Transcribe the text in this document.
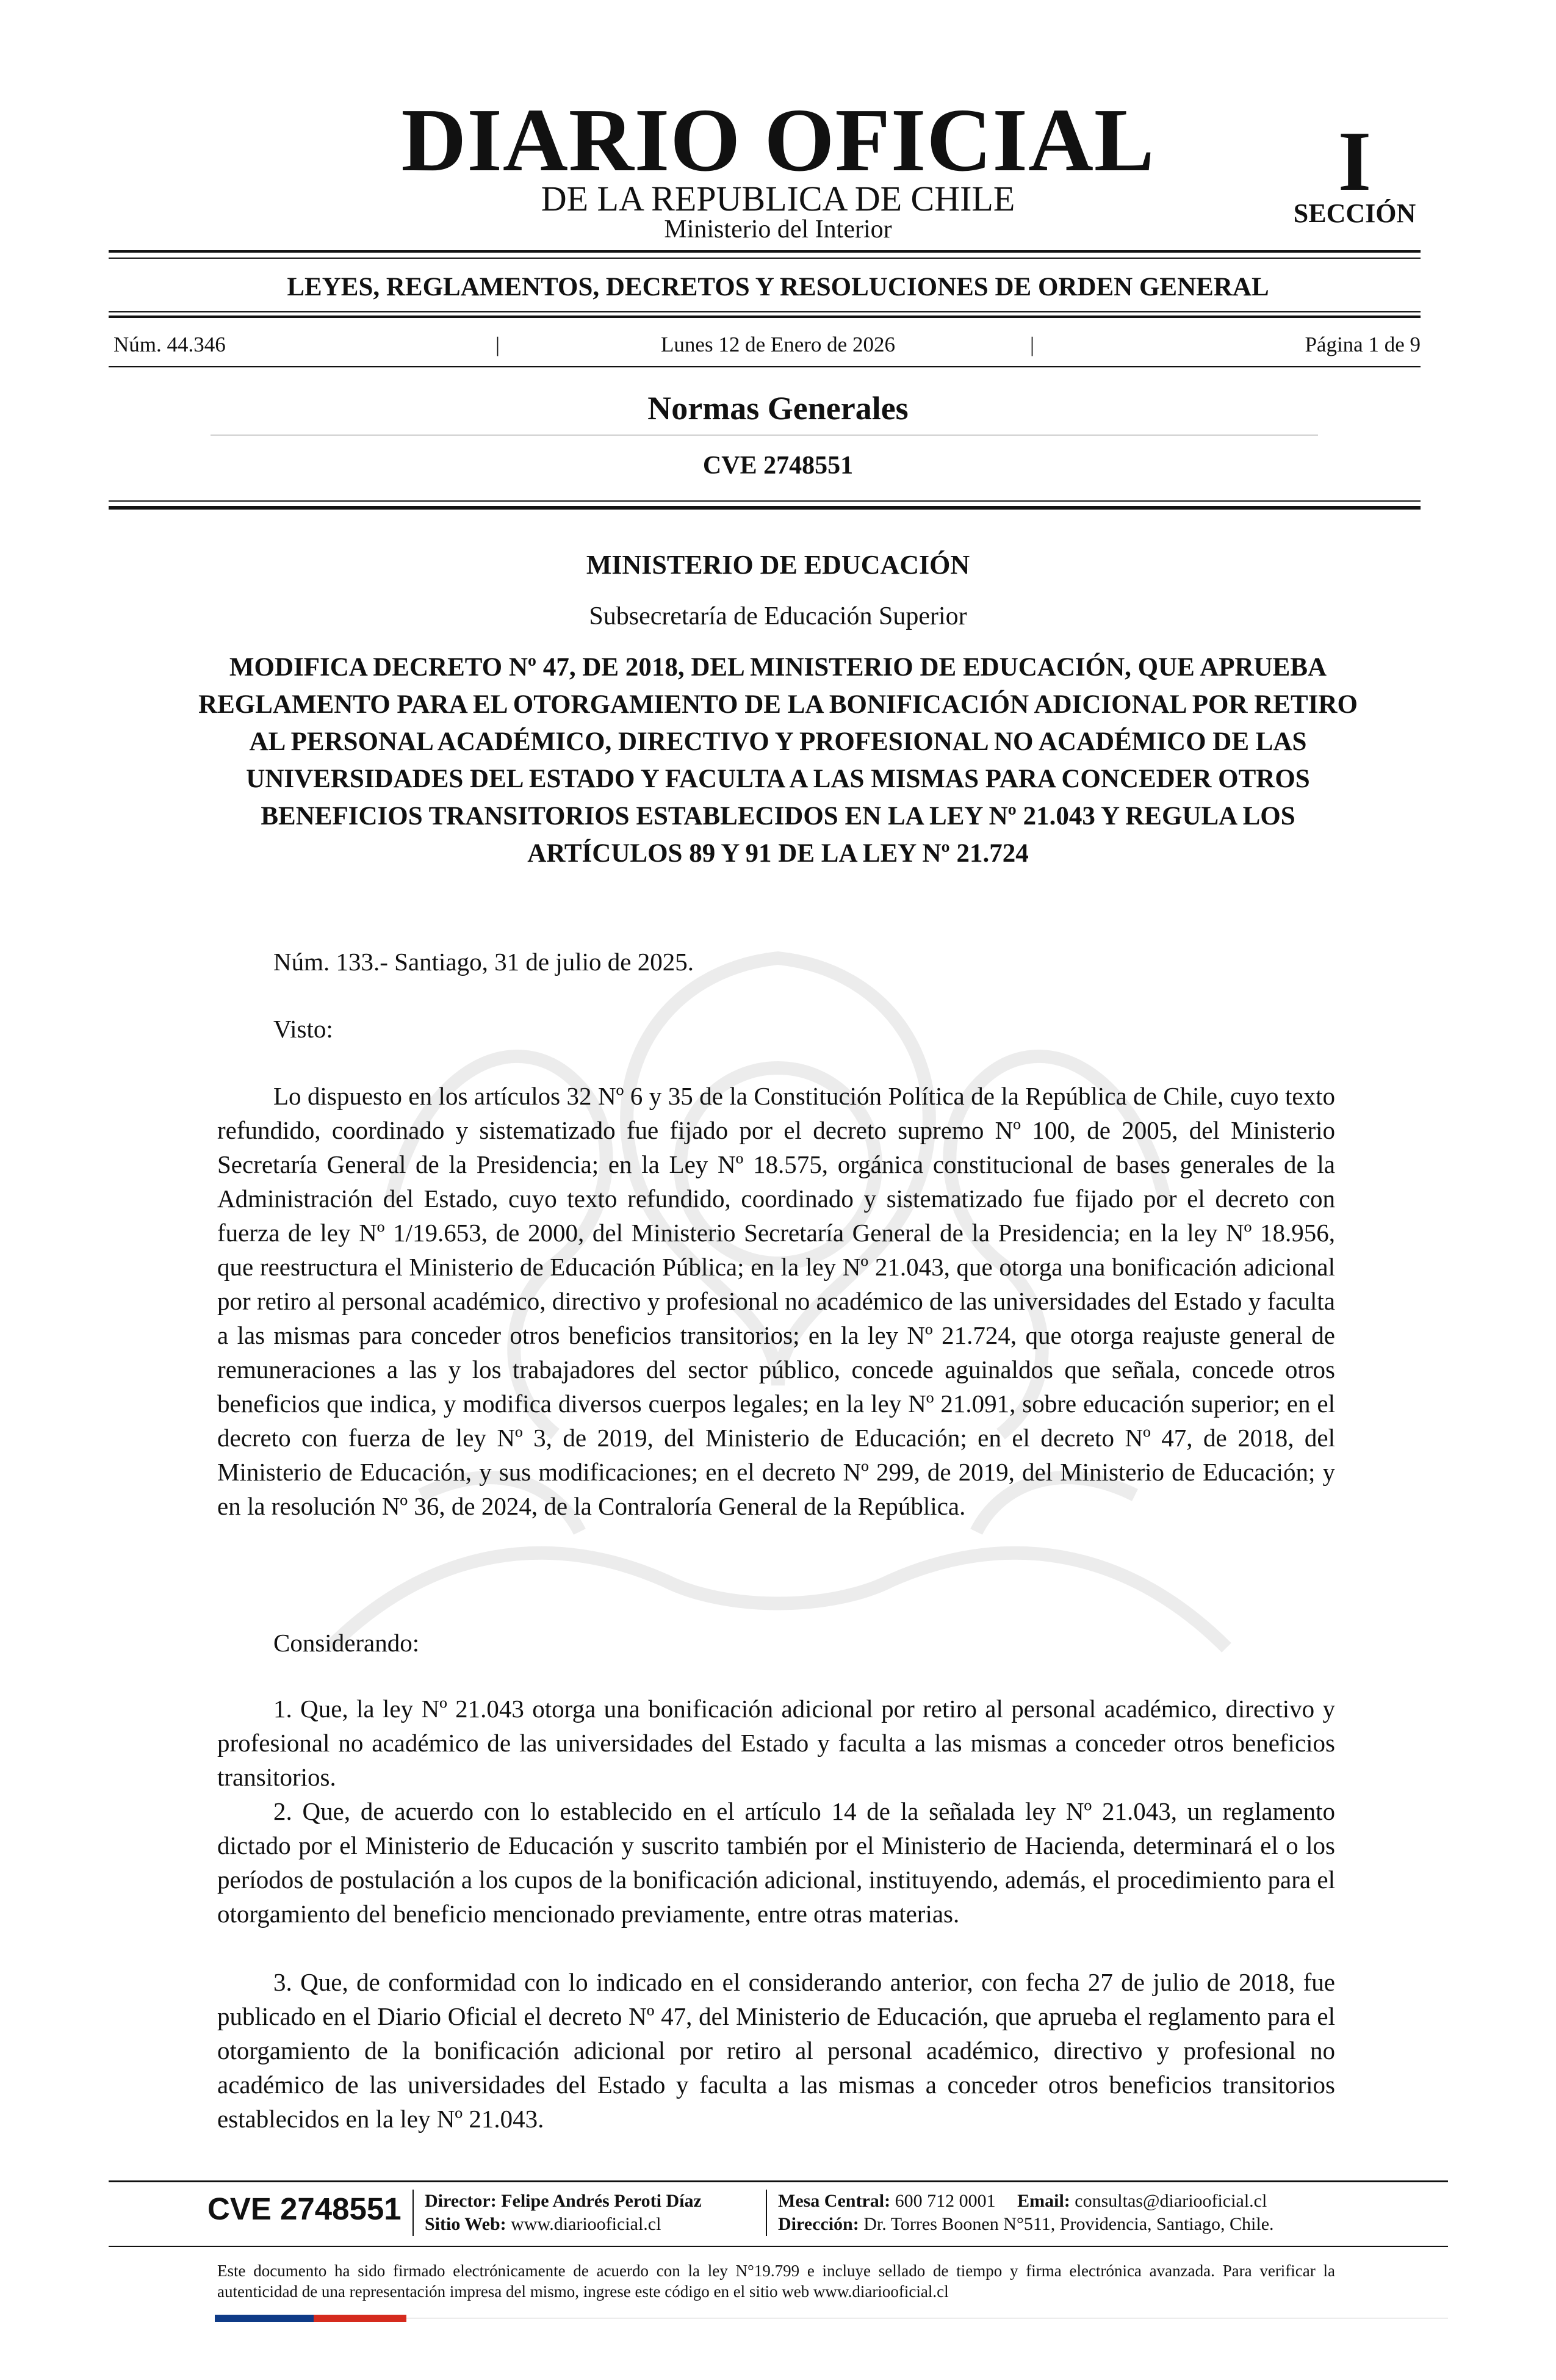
DIARIO OFICIAL
DE LA REPUBLICA DE CHILE
Ministerio del Interior
I
SECCIÓN
LEYES, REGLAMENTOS, DECRETOS Y RESOLUCIONES DE ORDEN GENERAL
Núm. 44.346	|	Lunes 12 de Enero de 2026	|	Página 1 de 9
Normas Generales
CVE 2748551
MINISTERIO DE EDUCACIÓN
Subsecretaría de Educación Superior
MODIFICA DECRETO Nº 47, DE 2018, DEL MINISTERIO DE EDUCACIÓN, QUE APRUEBA REGLAMENTO PARA EL OTORGAMIENTO DE LA BONIFICACIÓN ADICIONAL POR RETIRO AL PERSONAL ACADÉMICO, DIRECTIVO Y PROFESIONAL NO ACADÉMICO DE LAS UNIVERSIDADES DEL ESTADO Y FACULTA A LAS MISMAS PARA CONCEDER OTROS BENEFICIOS TRANSITORIOS ESTABLECIDOS EN LA LEY Nº 21.043 Y REGULA LOS ARTÍCULOS 89 Y 91 DE LA LEY Nº 21.724
Núm. 133.- Santiago, 31 de julio de 2025.
Visto:
Lo dispuesto en los artículos 32 Nº 6 y 35 de la Constitución Política de la República de Chile, cuyo texto refundido, coordinado y sistematizado fue fijado por el decreto supremo Nº 100, de 2005, del Ministerio Secretaría General de la Presidencia; en la Ley Nº 18.575, orgánica constitucional de bases generales de la Administración del Estado, cuyo texto refundido, coordinado y sistematizado fue fijado por el decreto con fuerza de ley Nº 1/19.653, de 2000, del Ministerio Secretaría General de la Presidencia; en la ley Nº 18.956, que reestructura el Ministerio de Educación Pública; en la ley Nº 21.043, que otorga una bonificación adicional por retiro al personal académico, directivo y profesional no académico de las universidades del Estado y faculta a las mismas para conceder otros beneficios transitorios; en la ley Nº 21.724, que otorga reajuste general de remuneraciones a las y los trabajadores del sector público, concede aguinaldos que señala, concede otros beneficios que indica, y modifica diversos cuerpos legales; en la ley Nº 21.091, sobre educación superior; en el decreto con fuerza de ley Nº 3, de 2019, del Ministerio de Educación; en el decreto Nº 47, de 2018, del Ministerio de Educación, y sus modificaciones; en el decreto Nº 299, de 2019, del Ministerio de Educación; y en la resolución Nº 36, de 2024, de la Contraloría General de la República.
Considerando:
1. Que, la ley Nº 21.043 otorga una bonificación adicional por retiro al personal académico, directivo y profesional no académico de las universidades del Estado y faculta a las mismas a conceder otros beneficios transitorios.
2. Que, de acuerdo con lo establecido en el artículo 14 de la señalada ley Nº 21.043, un reglamento dictado por el Ministerio de Educación y suscrito también por el Ministerio de Hacienda, determinará el o los períodos de postulación a los cupos de la bonificación adicional, instituyendo, además, el procedimiento para el otorgamiento del beneficio mencionado previamente, entre otras materias.
3. Que, de conformidad con lo indicado en el considerando anterior, con fecha 27 de julio de 2018, fue publicado en el Diario Oficial el decreto Nº 47, del Ministerio de Educación, que aprueba el reglamento para el otorgamiento de la bonificación adicional por retiro al personal académico, directivo y profesional no académico de las universidades del Estado y faculta a las mismas a conceder otros beneficios transitorios establecidos en la ley Nº 21.043.
CVE 2748551 Director: Felipe Andrés Peroti Díaz
Sitio Web: www.diariooficial.cl
Mesa Central: 600 712 0001 Email: consultas@diariooficial.cl
Dirección: Dr. Torres Boonen N°511, Providencia, Santiago, Chile.
Este documento ha sido firmado electrónicamente de acuerdo con la ley N°19.799 e incluye sellado de tiempo y firma electrónica avanzada. Para verificar la autenticidad de una representación impresa del mismo, ingrese este código en el sitio web www.diariooficial.cl
